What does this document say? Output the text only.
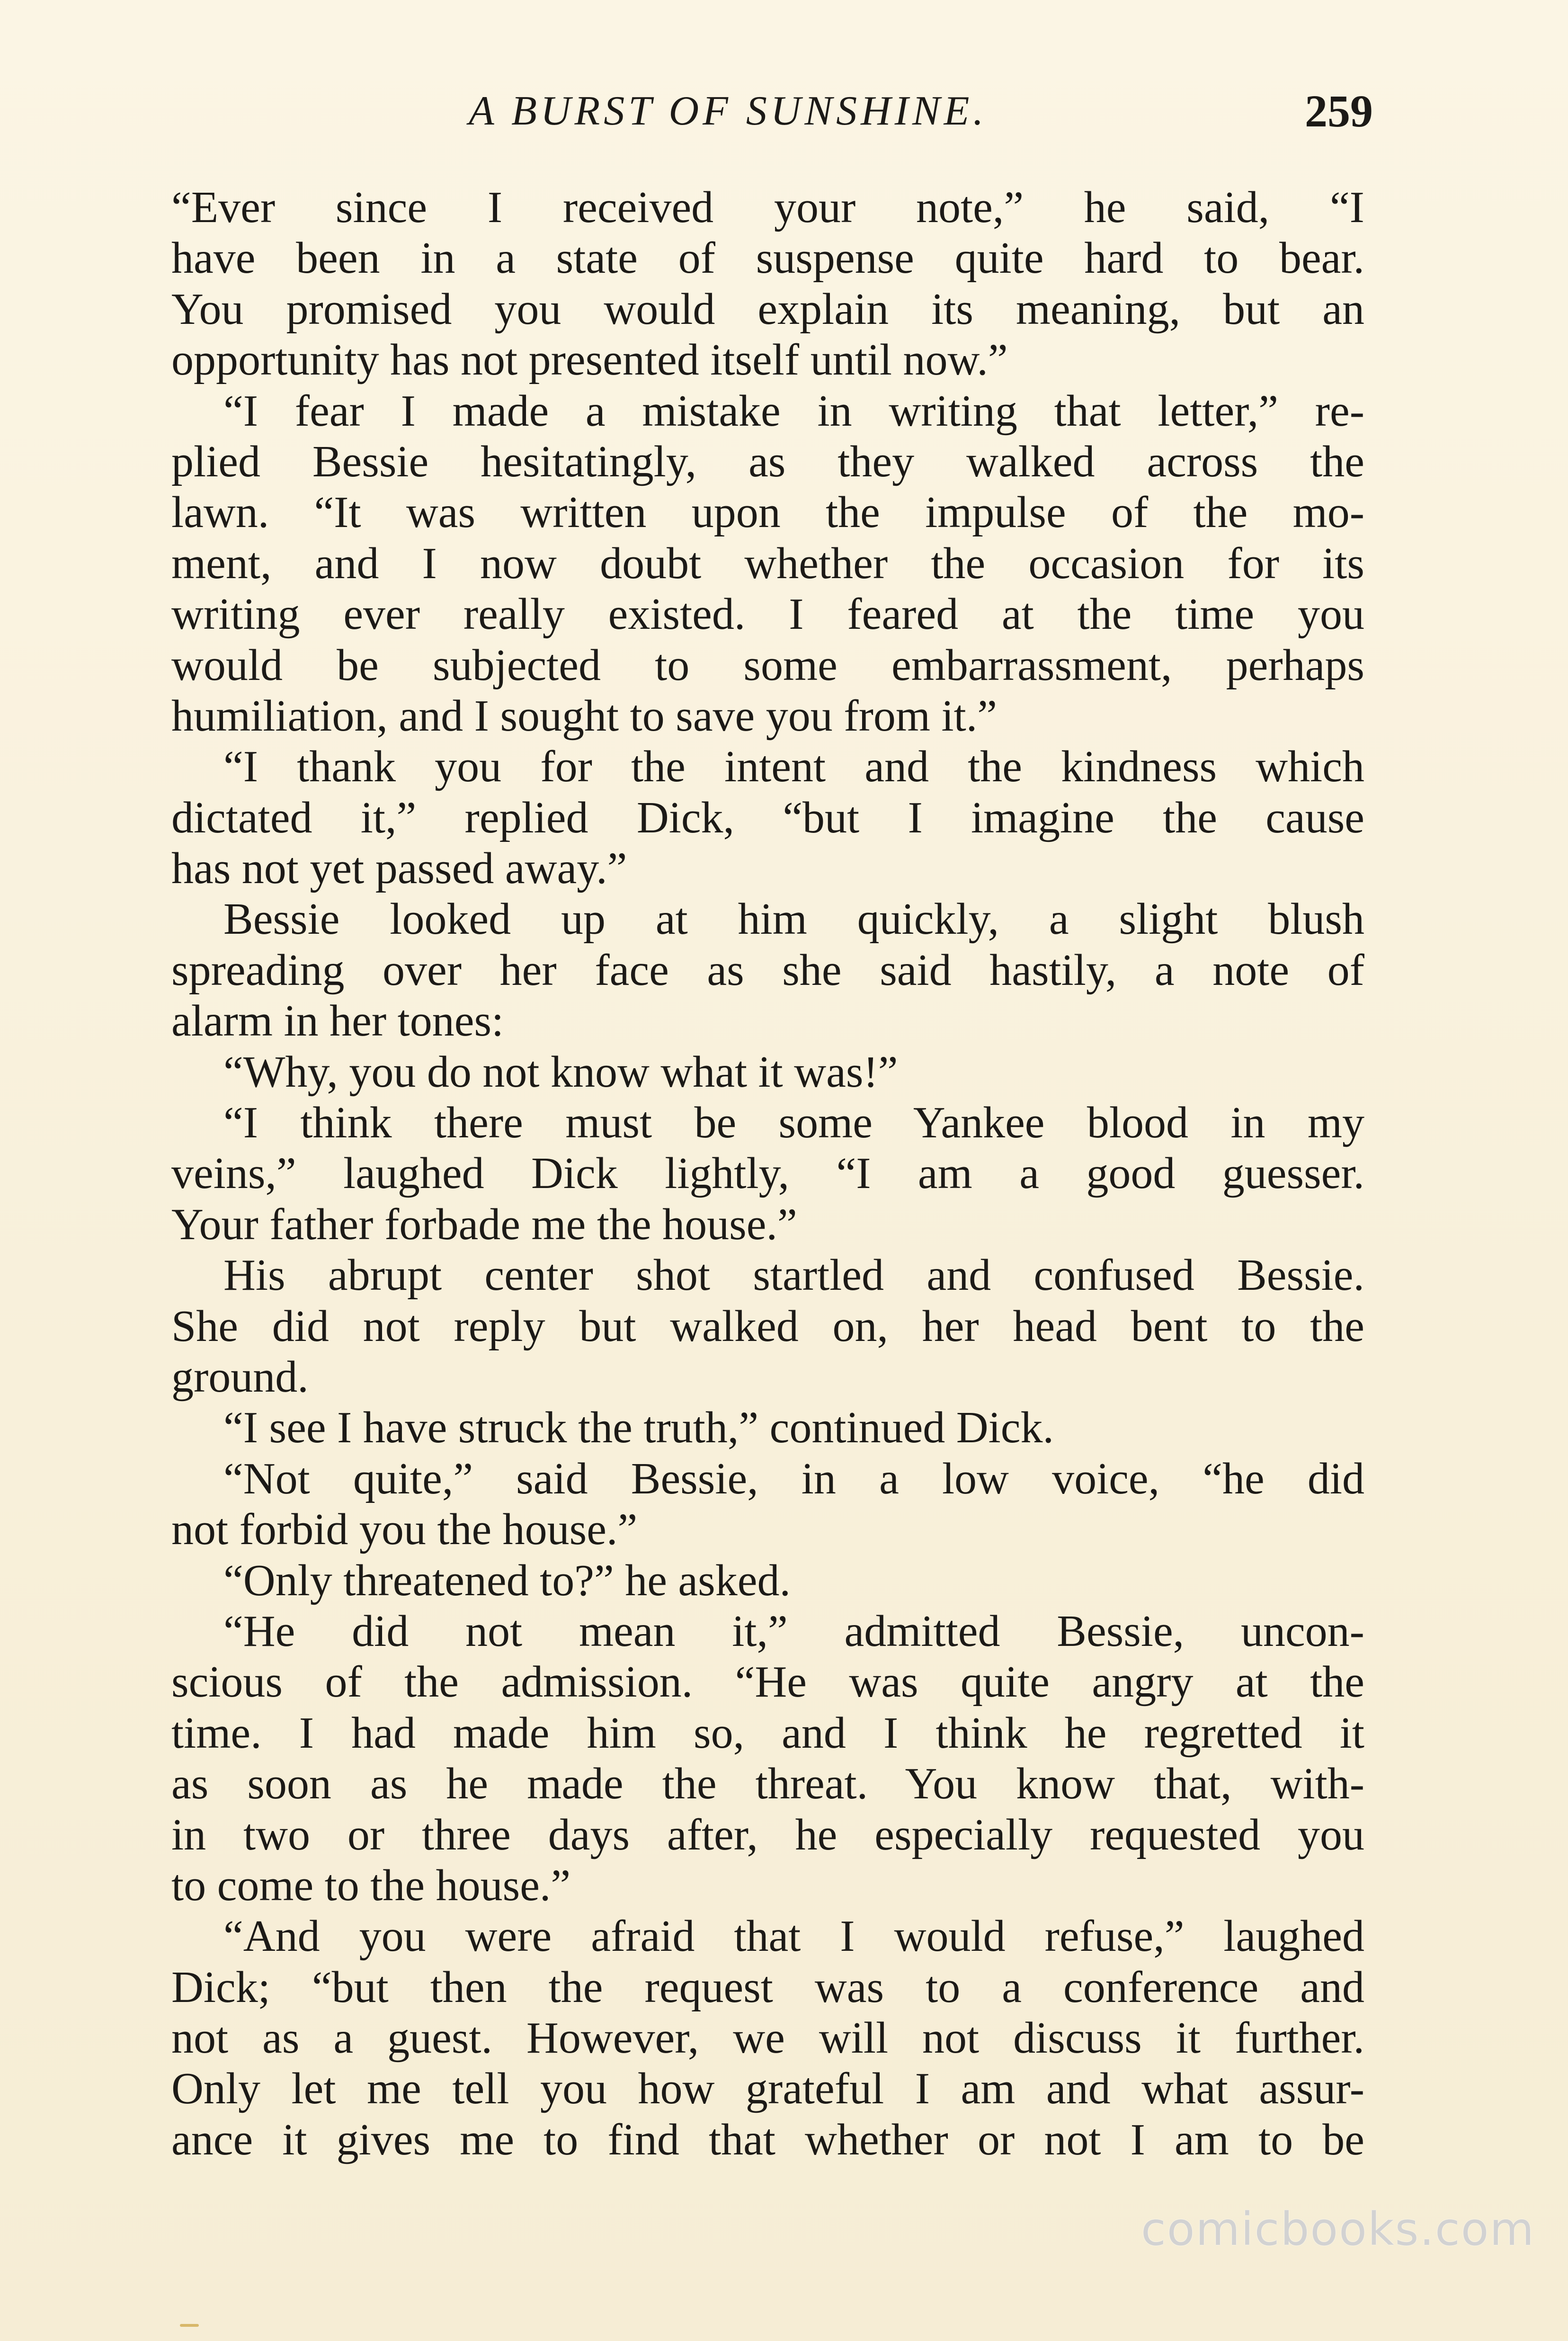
A BURST OF SUNSHINE.	259
“Ever since I received your note,” he said, “I
have been in a state of suspense quite hard to bear.
You promised you would explain its meaning, but an
opportunity has not presented itself until now.”
“I fear I made a mistake in writing that letter,” re-
plied Bessie hesitatingly, as they walked across the
lawn. “It was written upon the impulse of the mo-
ment, and I now doubt whether the occasion for its
writing ever really existed. I feared at the time you
would be subjected to some embarrassment, perhaps
humiliation, and I sought to save you from it.”
“I thank you for the intent and the kindness which
dictated it,” replied Dick, “but I imagine the cause
has not yet passed away.”
Bessie looked up at him quickly, a slight blush
spreading over her face as she said hastily, a note of
alarm in her tones:
“Why, you do not know what it was!”
“I think there must be some Yankee blood in my
veins,” laughed Dick lightly, “I am a good guesser.
Your father forbade me the house.”
His abrupt center shot startled and confused Bessie.
She did not reply but walked on, her head bent to the
ground.
“I see I have struck the truth,” continued Dick.
“Not quite,” said Bessie, in a low voice, “he did
not forbid you the house.”
“Only threatened to?” he asked.
“He did not mean it,” admitted Bessie, uncon-
scious of the admission. “He was quite angry at the
time. I had made him so, and I think he regretted it
as soon as he made the threat. You know that, with-
in two or three days after, he especially requested you
to come to the house.”
“And you were afraid that I would refuse,” laughed
Dick; “but then the request was to a conference and
not as a guest. However, we will not discuss it further.
Only let me tell you how grateful I am and what assur-
ance it gives me to find that whether or not I am to be
comicbooks.com
